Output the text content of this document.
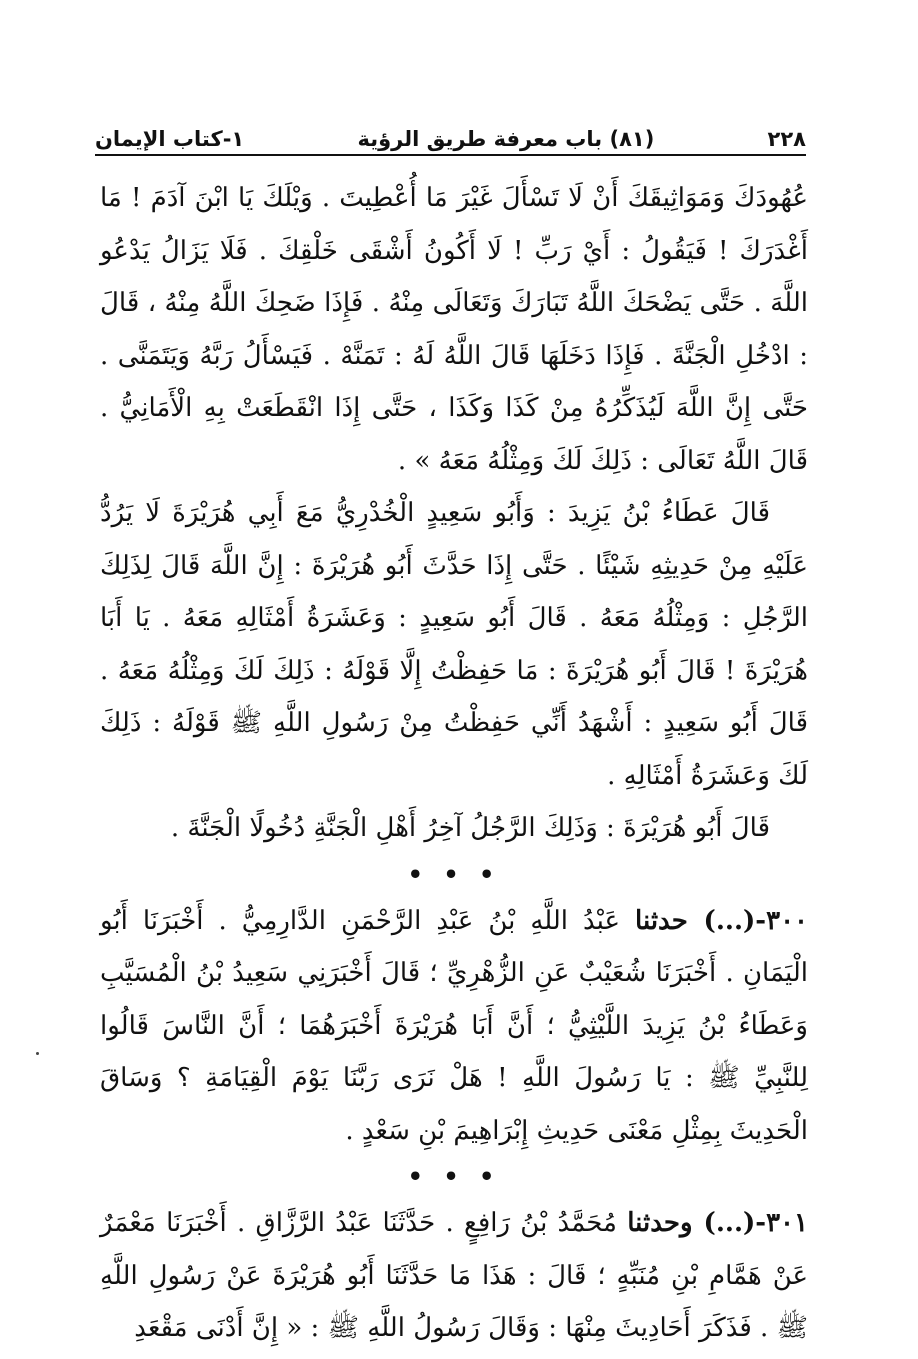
٢٢٨
(٨١) باب معرفة طريق الرؤية
١-كتاب الإيمان

عُهُودَكَ وَمَوَاثِيقَكَ أَنْ لَا تَسْأَلَ غَيْرَ مَا أُعْطِيتَ . وَيْلَكَ يَا ابْنَ آدَمَ ! مَا أَغْدَرَكَ ! فَيَقُولُ : أَيْ رَبِّ ! لَا أَكُونُ أَشْقَى خَلْقِكَ . فَلَا يَزَالُ يَدْعُو اللَّهَ . حَتَّى يَضْحَكَ اللَّهُ تَبَارَكَ وَتَعَالَى مِنْهُ . فَإِذَا ضَحِكَ اللَّهُ مِنْهُ ، قَالَ : ادْخُلِ الْجَنَّةَ . فَإِذَا دَخَلَهَا قَالَ اللَّهُ لَهُ : تَمَنَّهْ . فَيَسْأَلُ رَبَّهُ وَيَتَمَنَّى . حَتَّى إِنَّ اللَّهَ لَيُذَكِّرُهُ مِنْ كَذَا وَكَذَا ، حَتَّى إِذَا انْقَطَعَتْ بِهِ الْأَمَانِيُّ . قَالَ اللَّهُ تَعَالَى : ذَلِكَ لَكَ وَمِثْلُهُ مَعَهُ » .

قَالَ عَطَاءُ بْنُ يَزِيدَ : وَأَبُو سَعِيدٍ الْخُدْرِيُّ مَعَ أَبِي هُرَيْرَةَ لَا يَرُدُّ عَلَيْهِ مِنْ حَدِيثِهِ شَيْئًا . حَتَّى إِذَا حَدَّثَ أَبُو هُرَيْرَةَ : إِنَّ اللَّهَ قَالَ لِذَلِكَ الرَّجُلِ : وَمِثْلُهُ مَعَهُ . قَالَ أَبُو سَعِيدٍ : وَعَشَرَةُ أَمْثَالِهِ مَعَهُ . يَا أَبَا هُرَيْرَةَ ! قَالَ أَبُو هُرَيْرَةَ : مَا حَفِظْتُ إِلَّا قَوْلَهُ : ذَلِكَ لَكَ وَمِثْلُهُ مَعَهُ . قَالَ أَبُو سَعِيدٍ : أَشْهَدُ أَنِّي حَفِظْتُ مِنْ رَسُولِ اللَّهِ ﷺ قَوْلَهُ : ذَلِكَ لَكَ وَعَشَرَةُ أَمْثَالِهِ .

قَالَ أَبُو هُرَيْرَةَ : وَذَلِكَ الرَّجُلُ آخِرُ أَهْلِ الْجَنَّةِ دُخُولًا الْجَنَّةَ .

• • •

٣٠٠-(...) حدثنا عَبْدُ اللَّهِ بْنُ عَبْدِ الرَّحْمَنِ الدَّارِمِيُّ . أَخْبَرَنَا أَبُو الْيَمَانِ . أَخْبَرَنَا شُعَيْبٌ عَنِ الزُّهْرِيِّ ؛ قَالَ أَخْبَرَنِي سَعِيدُ بْنُ الْمُسَيَّبِ وَعَطَاءُ بْنُ يَزِيدَ اللَّيْثِيُّ ؛ أَنَّ أَبَا هُرَيْرَةَ أَخْبَرَهُمَا ؛ أَنَّ النَّاسَ قَالُوا لِلنَّبِيِّ ﷺ : يَا رَسُولَ اللَّهِ ! هَلْ نَرَى رَبَّنَا يَوْمَ الْقِيَامَةِ ؟ وَسَاقَ الْحَدِيثَ بِمِثْلِ مَعْنَى حَدِيثِ إِبْرَاهِيمَ بْنِ سَعْدٍ .

• • •

٣٠١-(...) وحدثنا مُحَمَّدُ بْنُ رَافِعٍ . حَدَّثَنَا عَبْدُ الرَّزَّاقِ . أَخْبَرَنَا مَعْمَرٌ عَنْ هَمَّامِ بْنِ مُنَبِّهٍ ؛ قَالَ : هَذَا مَا حَدَّثَنَا أَبُو هُرَيْرَةَ عَنْ رَسُولِ اللَّهِ ﷺ . فَذَكَرَ أَحَادِيثَ مِنْهَا : وَقَالَ رَسُولُ اللَّهِ ﷺ : « إِنَّ أَدْنَى مَقْعَدِ
